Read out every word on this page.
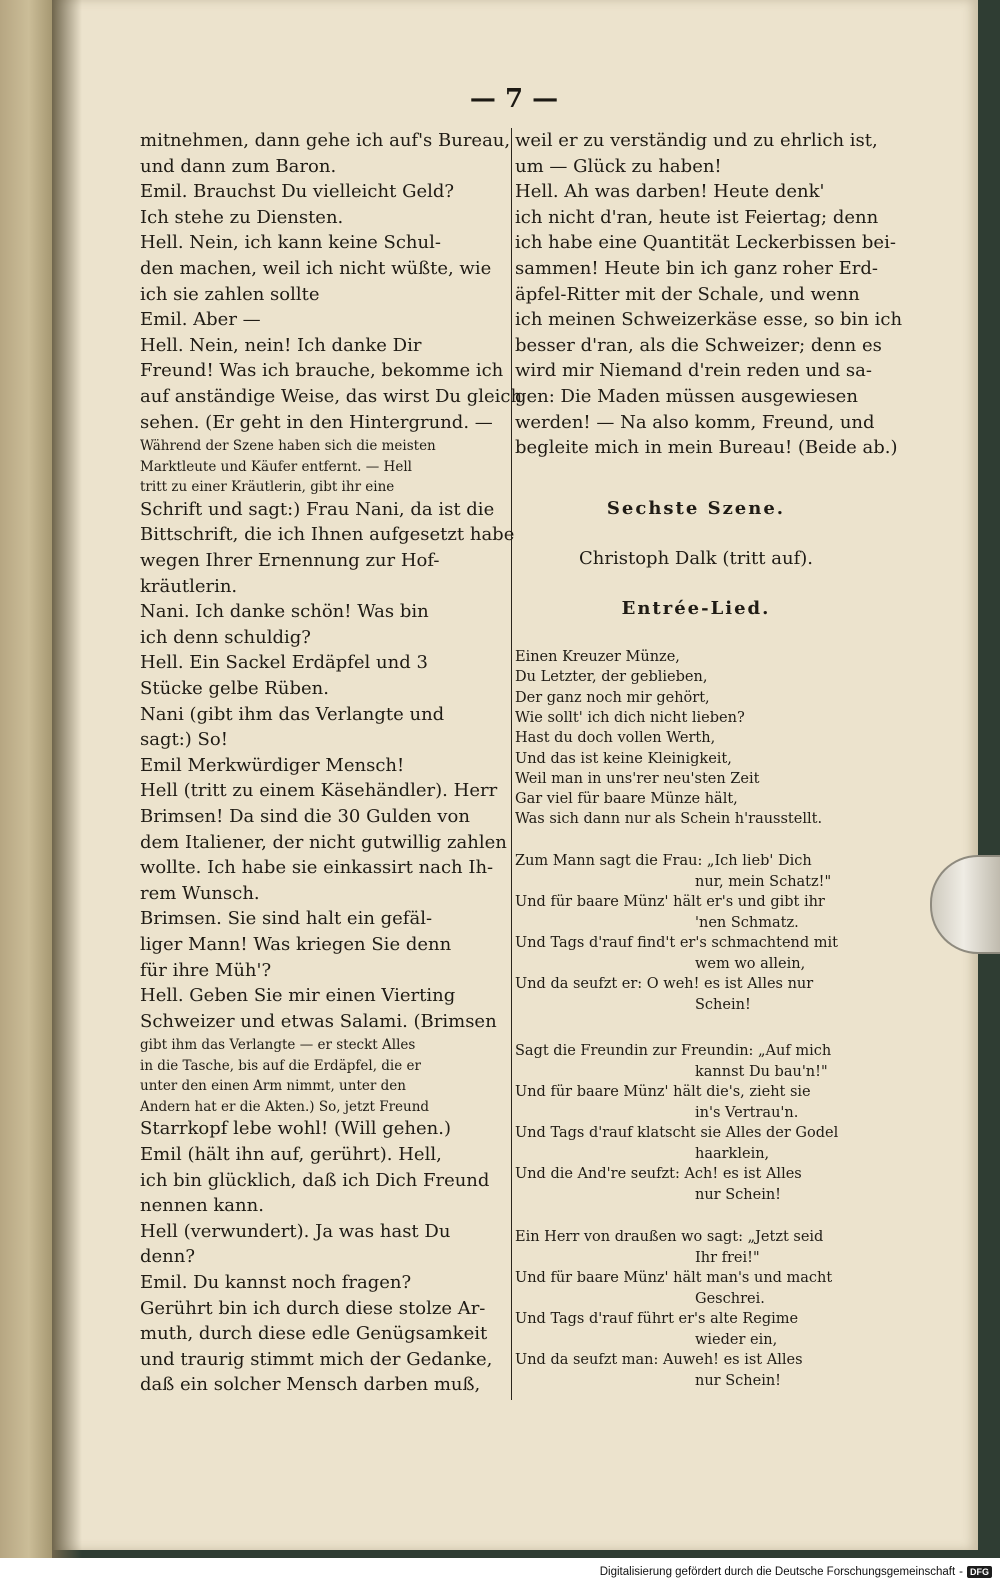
— 7 —
mitnehmen, dann gehe ich auf's Bureau,
und dann zum Baron.
Emil. Brauchst Du vielleicht Geld?
Ich stehe zu Diensten.
Hell. Nein, ich kann keine Schul-
den machen, weil ich nicht wüßte, wie
ich sie zahlen sollte
Emil. Aber —
Hell. Nein, nein! Ich danke Dir
Freund! Was ich brauche, bekomme ich
auf anständige Weise, das wirst Du gleich
sehen. (Er geht in den Hintergrund. —
Während der Szene haben sich die meisten
Marktleute und Käufer entfernt. — Hell
tritt zu einer Kräutlerin, gibt ihr eine
Schrift und sagt:) Frau Nani, da ist die
Bittschrift, die ich Ihnen aufgesetzt habe
wegen Ihrer Ernennung zur Hof-
kräutlerin.
Nani. Ich danke schön! Was bin
ich denn schuldig?
Hell. Ein Sackel Erdäpfel und 3
Stücke gelbe Rüben.
Nani (gibt ihm das Verlangte und
sagt:) So!
Emil Merkwürdiger Mensch!
Hell (tritt zu einem Käsehändler). Herr
Brimsen! Da sind die 30 Gulden von
dem Italiener, der nicht gutwillig zahlen
wollte. Ich habe sie einkassirt nach Ih-
rem Wunsch.
Brimsen. Sie sind halt ein gefäl-
liger Mann! Was kriegen Sie denn
für ihre Müh'?
Hell. Geben Sie mir einen Vierting
Schweizer und etwas Salami. (Brimsen
gibt ihm das Verlangte — er steckt Alles
in die Tasche, bis auf die Erdäpfel, die er
unter den einen Arm nimmt, unter den
Andern hat er die Akten.) So, jetzt Freund
Starrkopf lebe wohl! (Will gehen.)
Emil (hält ihn auf, gerührt). Hell,
ich bin glücklich, daß ich Dich Freund
nennen kann.
Hell (verwundert). Ja was hast Du
denn?
Emil. Du kannst noch fragen?
Gerührt bin ich durch diese stolze Ar-
muth, durch diese edle Genügsamkeit
und traurig stimmt mich der Gedanke,
daß ein solcher Mensch darben muß,
weil er zu verständig und zu ehrlich ist,
um — Glück zu haben!
Hell. Ah was darben! Heute denk'
ich nicht d'ran, heute ist Feiertag; denn
ich habe eine Quantität Leckerbissen bei-
sammen! Heute bin ich ganz roher Erd-
äpfel-Ritter mit der Schale, und wenn
ich meinen Schweizerkäse esse, so bin ich
besser d'ran, als die Schweizer; denn es
wird mir Niemand d'rein reden und sa-
gen: Die Maden müssen ausgewiesen
werden! — Na also komm, Freund, und
begleite mich in mein Bureau! (Beide ab.)
Sechste Szene.
Christoph Dalk (tritt auf).
Entrée-Lied.
Einen Kreuzer Münze,
Du Letzter, der geblieben,
Der ganz noch mir gehört,
Wie sollt' ich dich nicht lieben?
Hast du doch vollen Werth,
Und das ist keine Kleinigkeit,
Weil man in uns'rer neu'sten Zeit
Gar viel für baare Münze hält,
Was sich dann nur als Schein h'rausstellt.
Zum Mann sagt die Frau: „Ich lieb' Dich
nur, mein Schatz!"
Und für baare Münz' hält er's und gibt ihr
'nen Schmatz.
Und Tags d'rauf find't er's schmachtend mit
wem wo allein,
Und da seufzt er: O weh! es ist Alles nur
Schein!
Sagt die Freundin zur Freundin: „Auf mich
kannst Du bau'n!"
Und für baare Münz' hält die's, zieht sie
in's Vertrau'n.
Und Tags d'rauf klatscht sie Alles der Godel
haarklein,
Und die And're seufzt: Ach! es ist Alles
nur Schein!
Ein Herr von draußen wo sagt: „Jetzt seid
Ihr frei!"
Und für baare Münz' hält man's und macht
Geschrei.
Und Tags d'rauf führt er's alte Regime
wieder ein,
Und da seufzt man: Auweh! es ist Alles
nur Schein!
Digitalisierung gefördert durch die Deutsche Forschungsgemeinschaft - DFG
